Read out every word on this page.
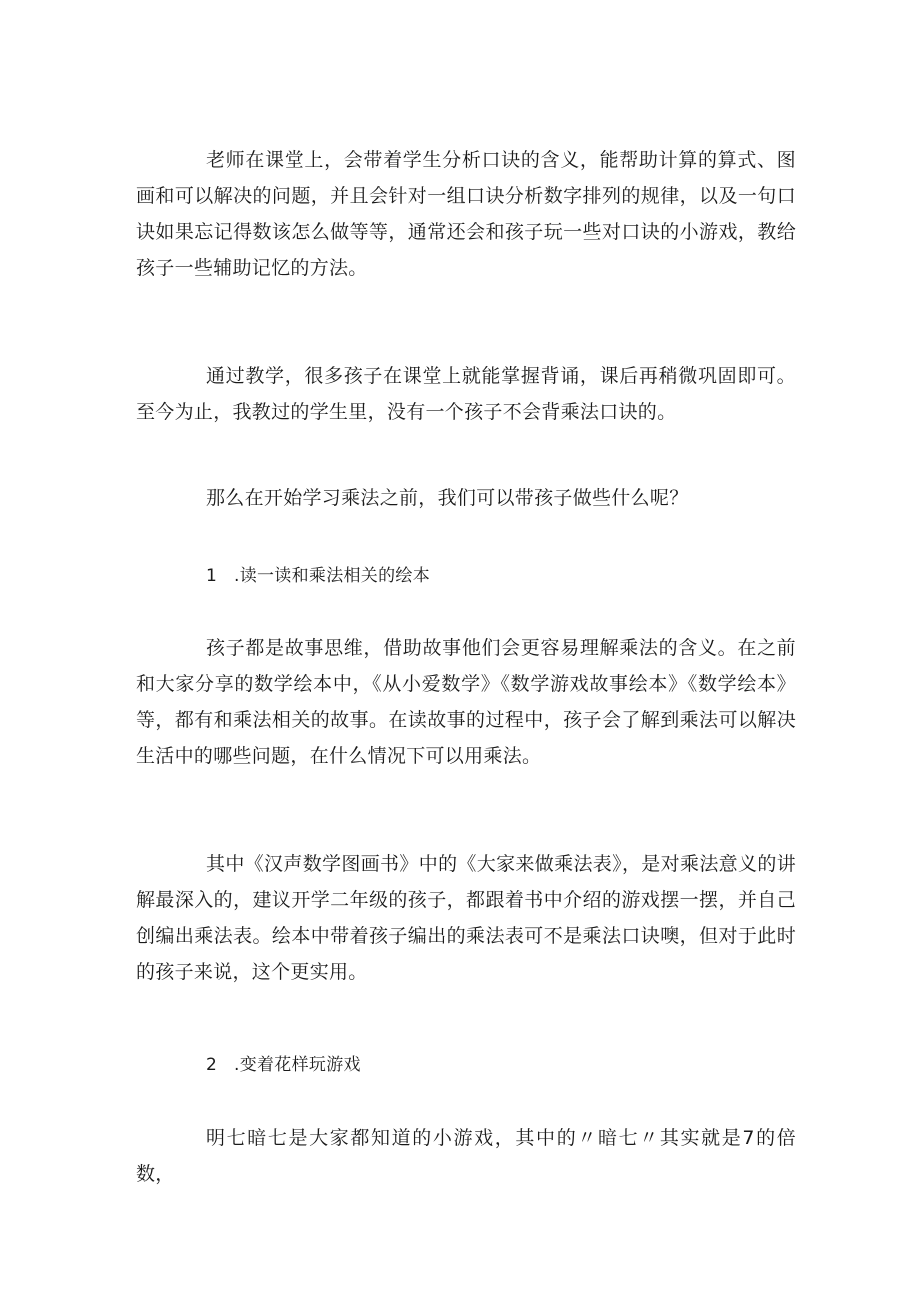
老师在课堂上，会带着学生分析口诀的含义，能帮助计算的算式、图画和可以解决的问题，并且会针对一组口诀分析数字排列的规律，以及一句口诀如果忘记得数该怎么做等等，通常还会和孩子玩一些对口诀的小游戏，教给孩子一些辅助记忆的方法。

通过教学，很多孩子在课堂上就能掌握背诵，课后再稍微巩固即可。至今为止，我教过的学生里，没有一个孩子不会背乘法口诀的。

那么在开始学习乘法之前，我们可以带孩子做些什么呢？

1 .读一读和乘法相关的绘本

孩子都是故事思维，借助故事他们会更容易理解乘法的含义。在之前和大家分享的数学绘本中，《从小爱数学》《数学游戏故事绘本》《数学绘本》等，都有和乘法相关的故事。在读故事的过程中，孩子会了解到乘法可以解决生活中的哪些问题，在什么情况下可以用乘法。

其中《汉声数学图画书》中的《大家来做乘法表》，是对乘法意义的讲解最深入的，建议开学二年级的孩子，都跟着书中介绍的游戏摆一摆，并自己创编出乘法表。绘本中带着孩子编出的乘法表可不是乘法口诀噢，但对于此时的孩子来说，这个更实用。

2 .变着花样玩游戏

明七暗七是大家都知道的小游戏，其中的〃暗七〃其实就是7的倍数，
